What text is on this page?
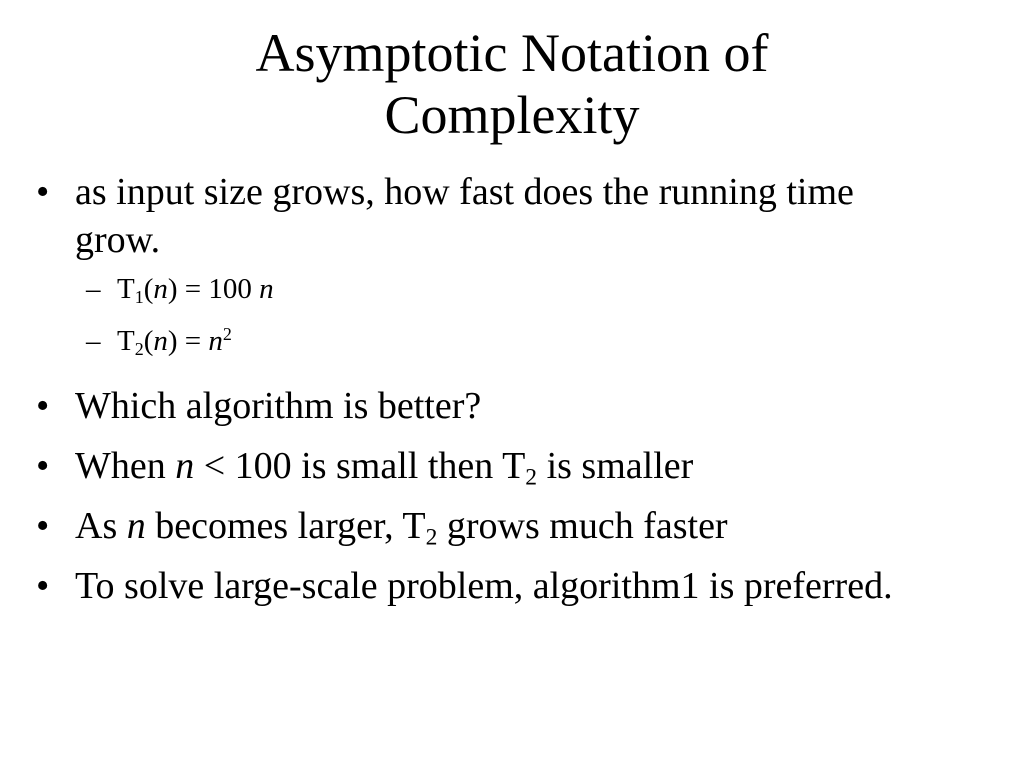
Asymptotic Notation of
Complexity
• as input size grows, how fast does the running time grow.
– $T_1(n) = 100$ n
– $T_2(n) = n^2$
• Which algorithm is better?
• When n < 100 is small then $T_2$ is smaller
• As n becomes larger, $T_2$ grows much faster
• To solve large-scale problem, algorithm1 is preferred.
